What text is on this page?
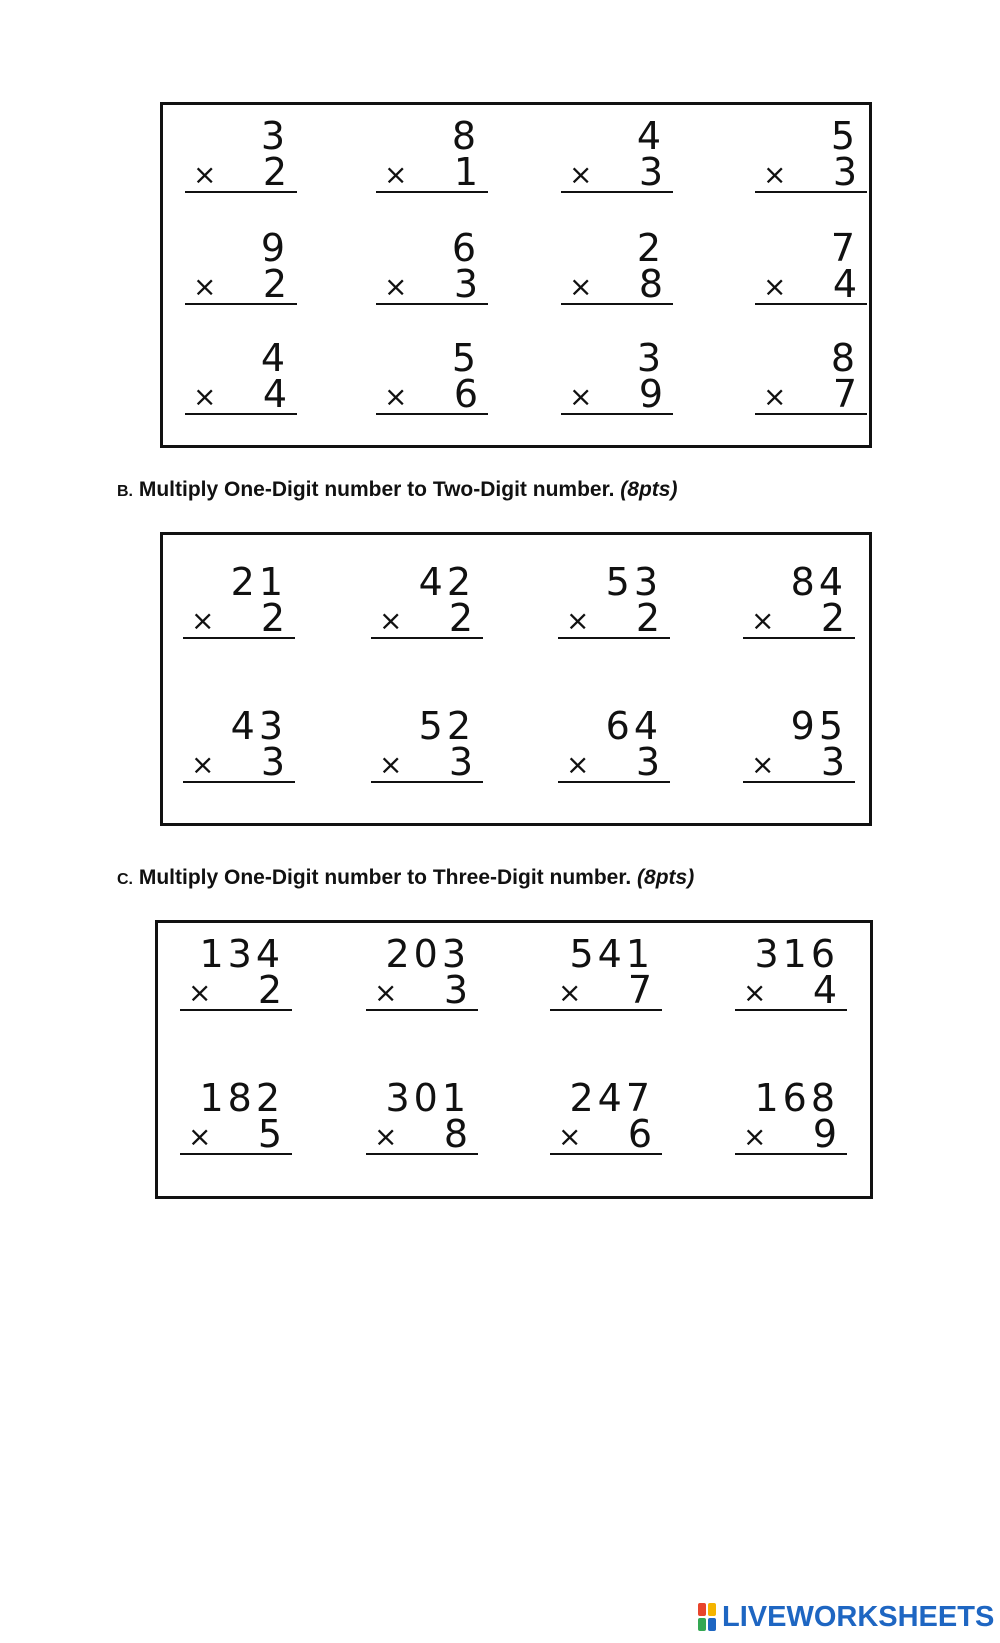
3
× 2
8
× 1
4
× 3
5
× 3
9
× 2
6
× 3
2
× 8
7
× 4
4
× 4
5
× 6
3
× 9
8
× 7
B. Multiply One-Digit number to Two-Digit number. (8pts)
21
× 2
42
× 2
53
× 2
84
× 2
43
× 3
52
× 3
64
× 3
95
× 3
C. Multiply One-Digit number to Three-Digit number. (8pts)
134
× 2
203
× 3
541
× 7
316
× 4
182
× 5
301
× 8
247
× 6
168
× 9
LIVEWORKSHEETS
